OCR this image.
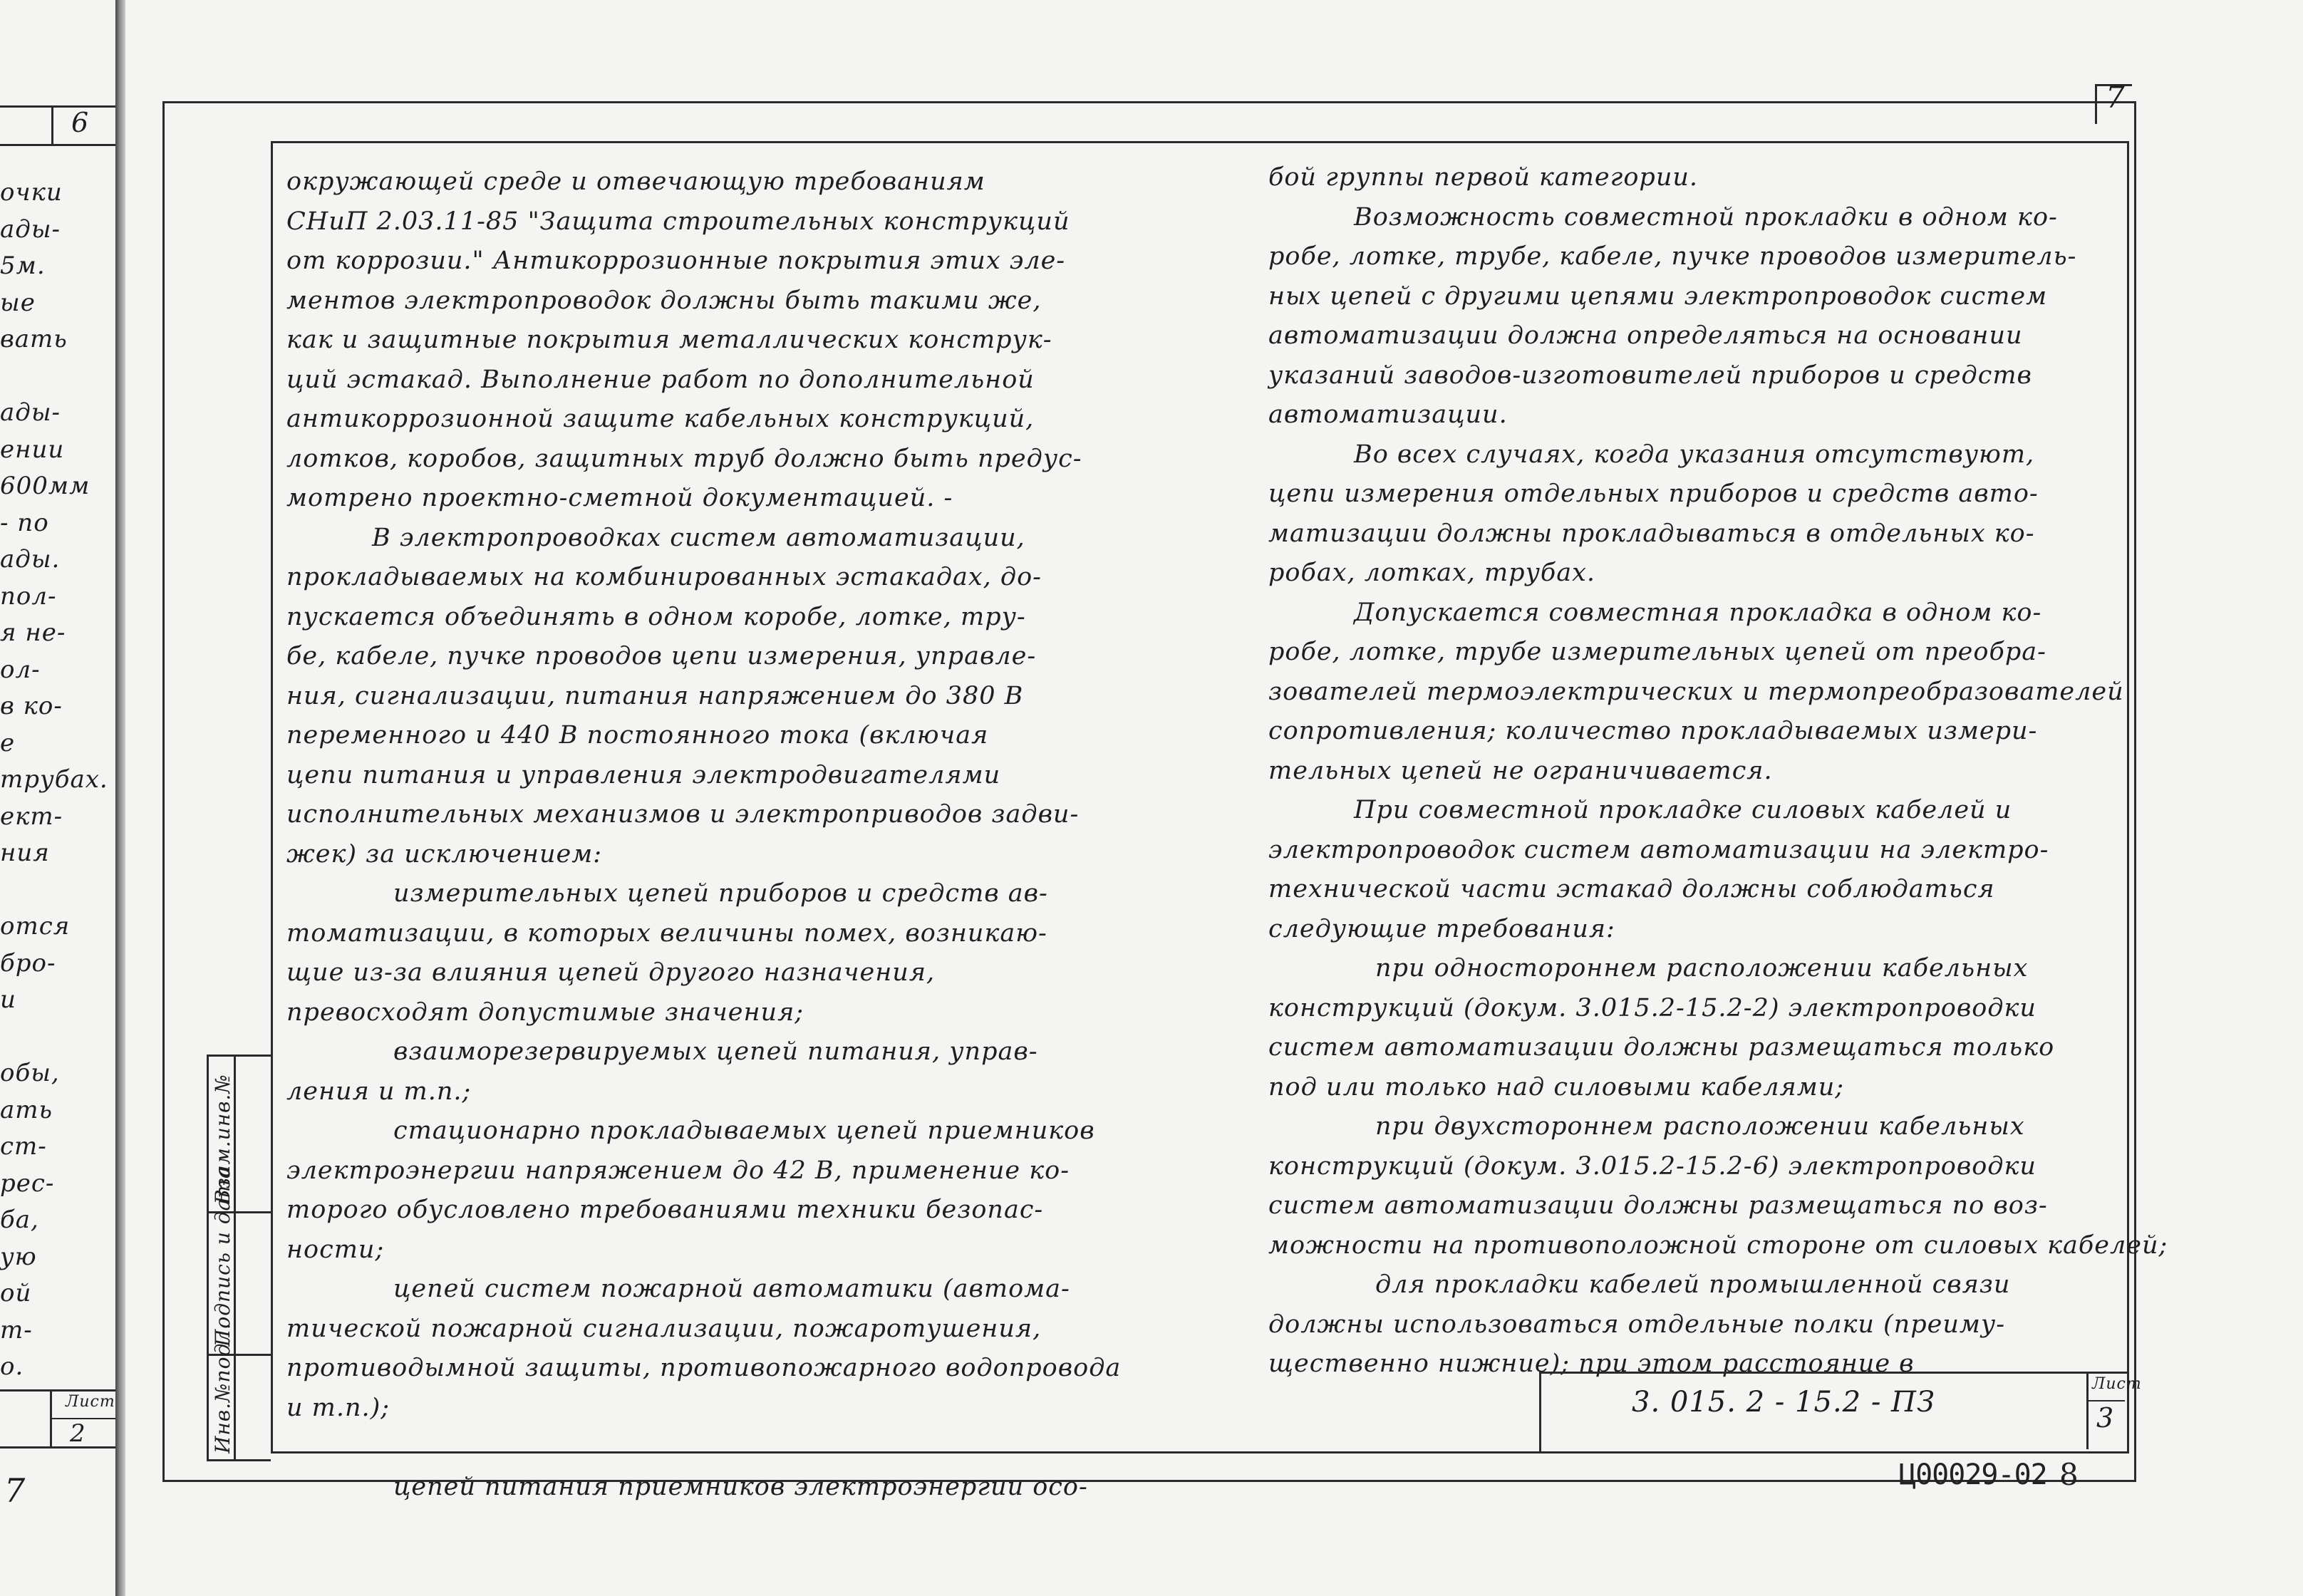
6
очки
ады-
5м.
ые
вать
ады-
ении
600мм
- по
ады.
пол-
я не-
ол-
в ко-
е
трубах.
ект-
ния
отся
бро-
и
обы,
ать
ст-
рес-
ба,
ую
ой
т-
о.
Лист
2
7
7
Взам.инв.№
Подпись и дата
Инв.№подл.

окружающей среде и отвечающую требованиям

СНиП 2.03.11-85 "Защита строительных конструкций

от коррозии." Антикоррозионные покрытия этих эле-

ментов электропроводок должны быть такими же,

как и защитные покрытия металлических конструк-

ций эстакад. Выполнение работ по дополнительной

антикоррозионной защите кабельных конструкций,

лотков, коробов, защитных труб должно быть предус-

мотрено проектно-сметной документацией. -

В электропроводках систем автоматизации,

прокладываемых на комбинированных эстакадах, до-

пускается объединять в одном коробе, лотке, тру-

бе, кабеле, пучке проводов цепи измерения, управле-

ния, сигнализации, питания напряжением до 380 В

переменного и 440 В постоянного тока (включая

цепи питания и управления электродвигателями

исполнительных механизмов и электроприводов задви-

жек) за исключением:

измерительных цепей приборов и средств ав-

томатизации, в которых величины помех, возникаю-

щие из-за влияния цепей другого назначения,

превосходят допустимые значения;

взаиморезервируемых цепей питания, управ-

ления и т.п.;

стационарно прокладываемых цепей приемников

электроэнергии напряжением до 42 В, применение ко-

торого обусловлено требованиями техники безопас-

ности;

цепей систем пожарной автоматики (автома-

тической пожарной сигнализации, пожаротушения,

противодымной защиты, противопожарного водопровода

и т.п.);

цепей питания приемников электроэнергии осо-

бой группы первой категории.

Возможность совместной прокладки в одном ко-

робе, лотке, трубе, кабеле, пучке проводов измеритель-

ных цепей с другими цепями электропроводок систем

автоматизации должна определяться на основании

указаний заводов-изготовителей приборов и средств

автоматизации.

Во всех случаях, когда указания отсутствуют,

цепи измерения отдельных приборов и средств авто-

матизации должны прокладываться в отдельных ко-

робах, лотках, трубах.

Допускается совместная прокладка в одном ко-

робе, лотке, трубе измерительных цепей от преобра-

зователей термоэлектрических и термопреобразователей

сопротивления; количество прокладываемых измери-

тельных цепей не ограничивается.

При совместной прокладке силовых кабелей и

электропроводок систем автоматизации на электро-

технической части эстакад должны соблюдаться

следующие требования:

при одностороннем расположении кабельных

конструкций (докум. 3.015.2-15.2-2) электропроводки

систем автоматизации должны размещаться только

под или только над силовыми кабелями;

при двухстороннем расположении кабельных

конструкций (докум. 3.015.2-15.2-6) электропроводки

систем автоматизации должны размещаться по воз-

можности на противоположной стороне от силовых кабелей;

для прокладки кабелей промышленной связи

должны использоваться отдельные полки (преиму-

щественно нижние); при этом расстояние в

3. 015. 2 - 15.2 - ПЗ
Лист
3
Ц00029-02 8
